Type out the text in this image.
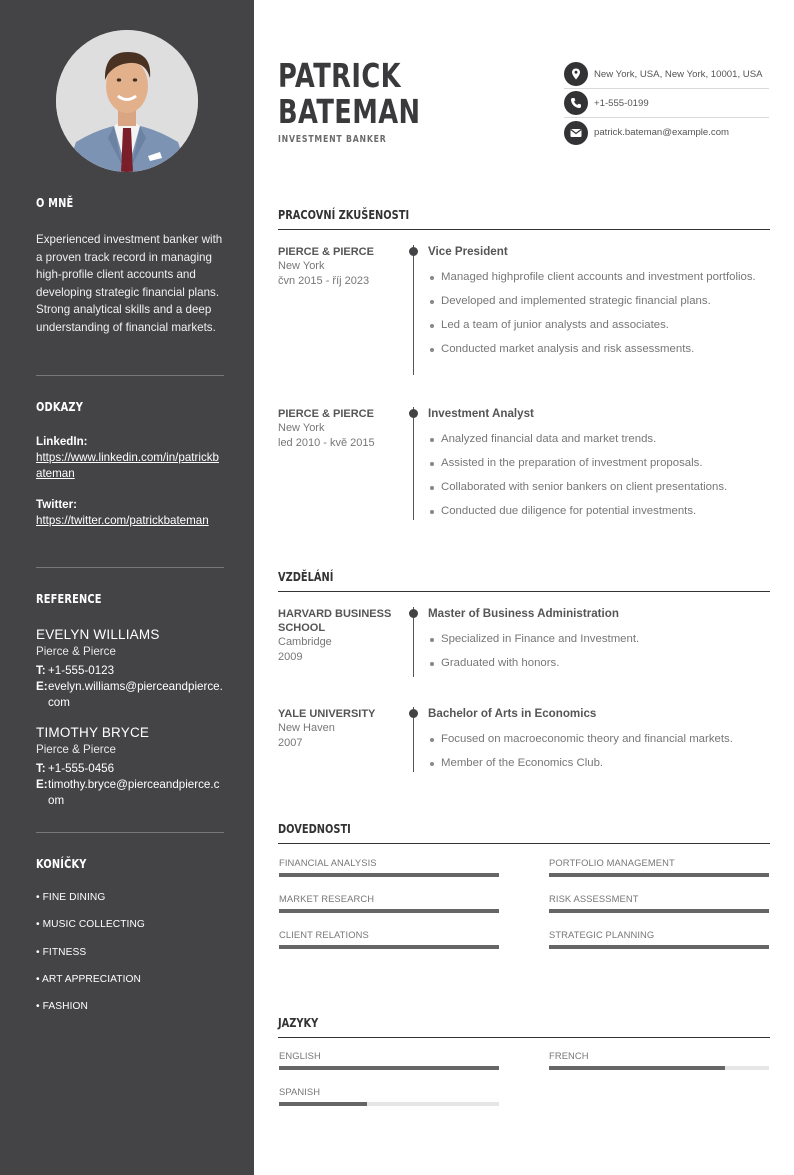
O MNĚ
Experienced investment banker with a proven track record in managing high-profile client accounts and developing strategic financial plans. Strong analytical skills and a deep understanding of financial markets.
ODKAZY
LinkedIn:
https://www.linkedin.com/in/patrickbateman
Twitter:
https://twitter.com/patrickbateman
REFERENCE
EVELYN WILLIAMS
Pierce & Pierce
T: +1-555-0123
E: evelyn.williams@pierceandpierce.com
TIMOTHY BRYCE
Pierce & Pierce
T: +1-555-0456
E: timothy.bryce@pierceandpierce.com
KONÍČKY
• FINE DINING
• MUSIC COLLECTING
• FITNESS
• ART APPRECIATION
• FASHION
PATRICK
BATEMAN
INVESTMENT BANKER
New York, USA, New York, 10001, USA
+1-555-0199
patrick.bateman@example.com
PRACOVNÍ ZKUŠENOSTI
PIERCE & PIERCE
New York
čvn 2015 - říj 2023
Vice President
Managed highprofile client accounts and investment portfolios.
Developed and implemented strategic financial plans.
Led a team of junior analysts and associates.
Conducted market analysis and risk assessments.
PIERCE & PIERCE
New York
led 2010 - kvě 2015
Investment Analyst
Analyzed financial data and market trends.
Assisted in the preparation of investment proposals.
Collaborated with senior bankers on client presentations.
Conducted due diligence for potential investments.
VZDĚLÁNÍ
HARVARD BUSINESS SCHOOL
Cambridge
2009
Master of Business Administration
Specialized in Finance and Investment.
Graduated with honors.
YALE UNIVERSITY
New Haven
2007
Bachelor of Arts in Economics
Focused on macroeconomic theory and financial markets.
Member of the Economics Club.
DOVEDNOSTI
FINANCIAL ANALYSIS	PORTFOLIO MANAGEMENT
MARKET RESEARCH	RISK ASSESSMENT
CLIENT RELATIONS	STRATEGIC PLANNING
JAZYKY
ENGLISH	FRENCH
SPANISH
